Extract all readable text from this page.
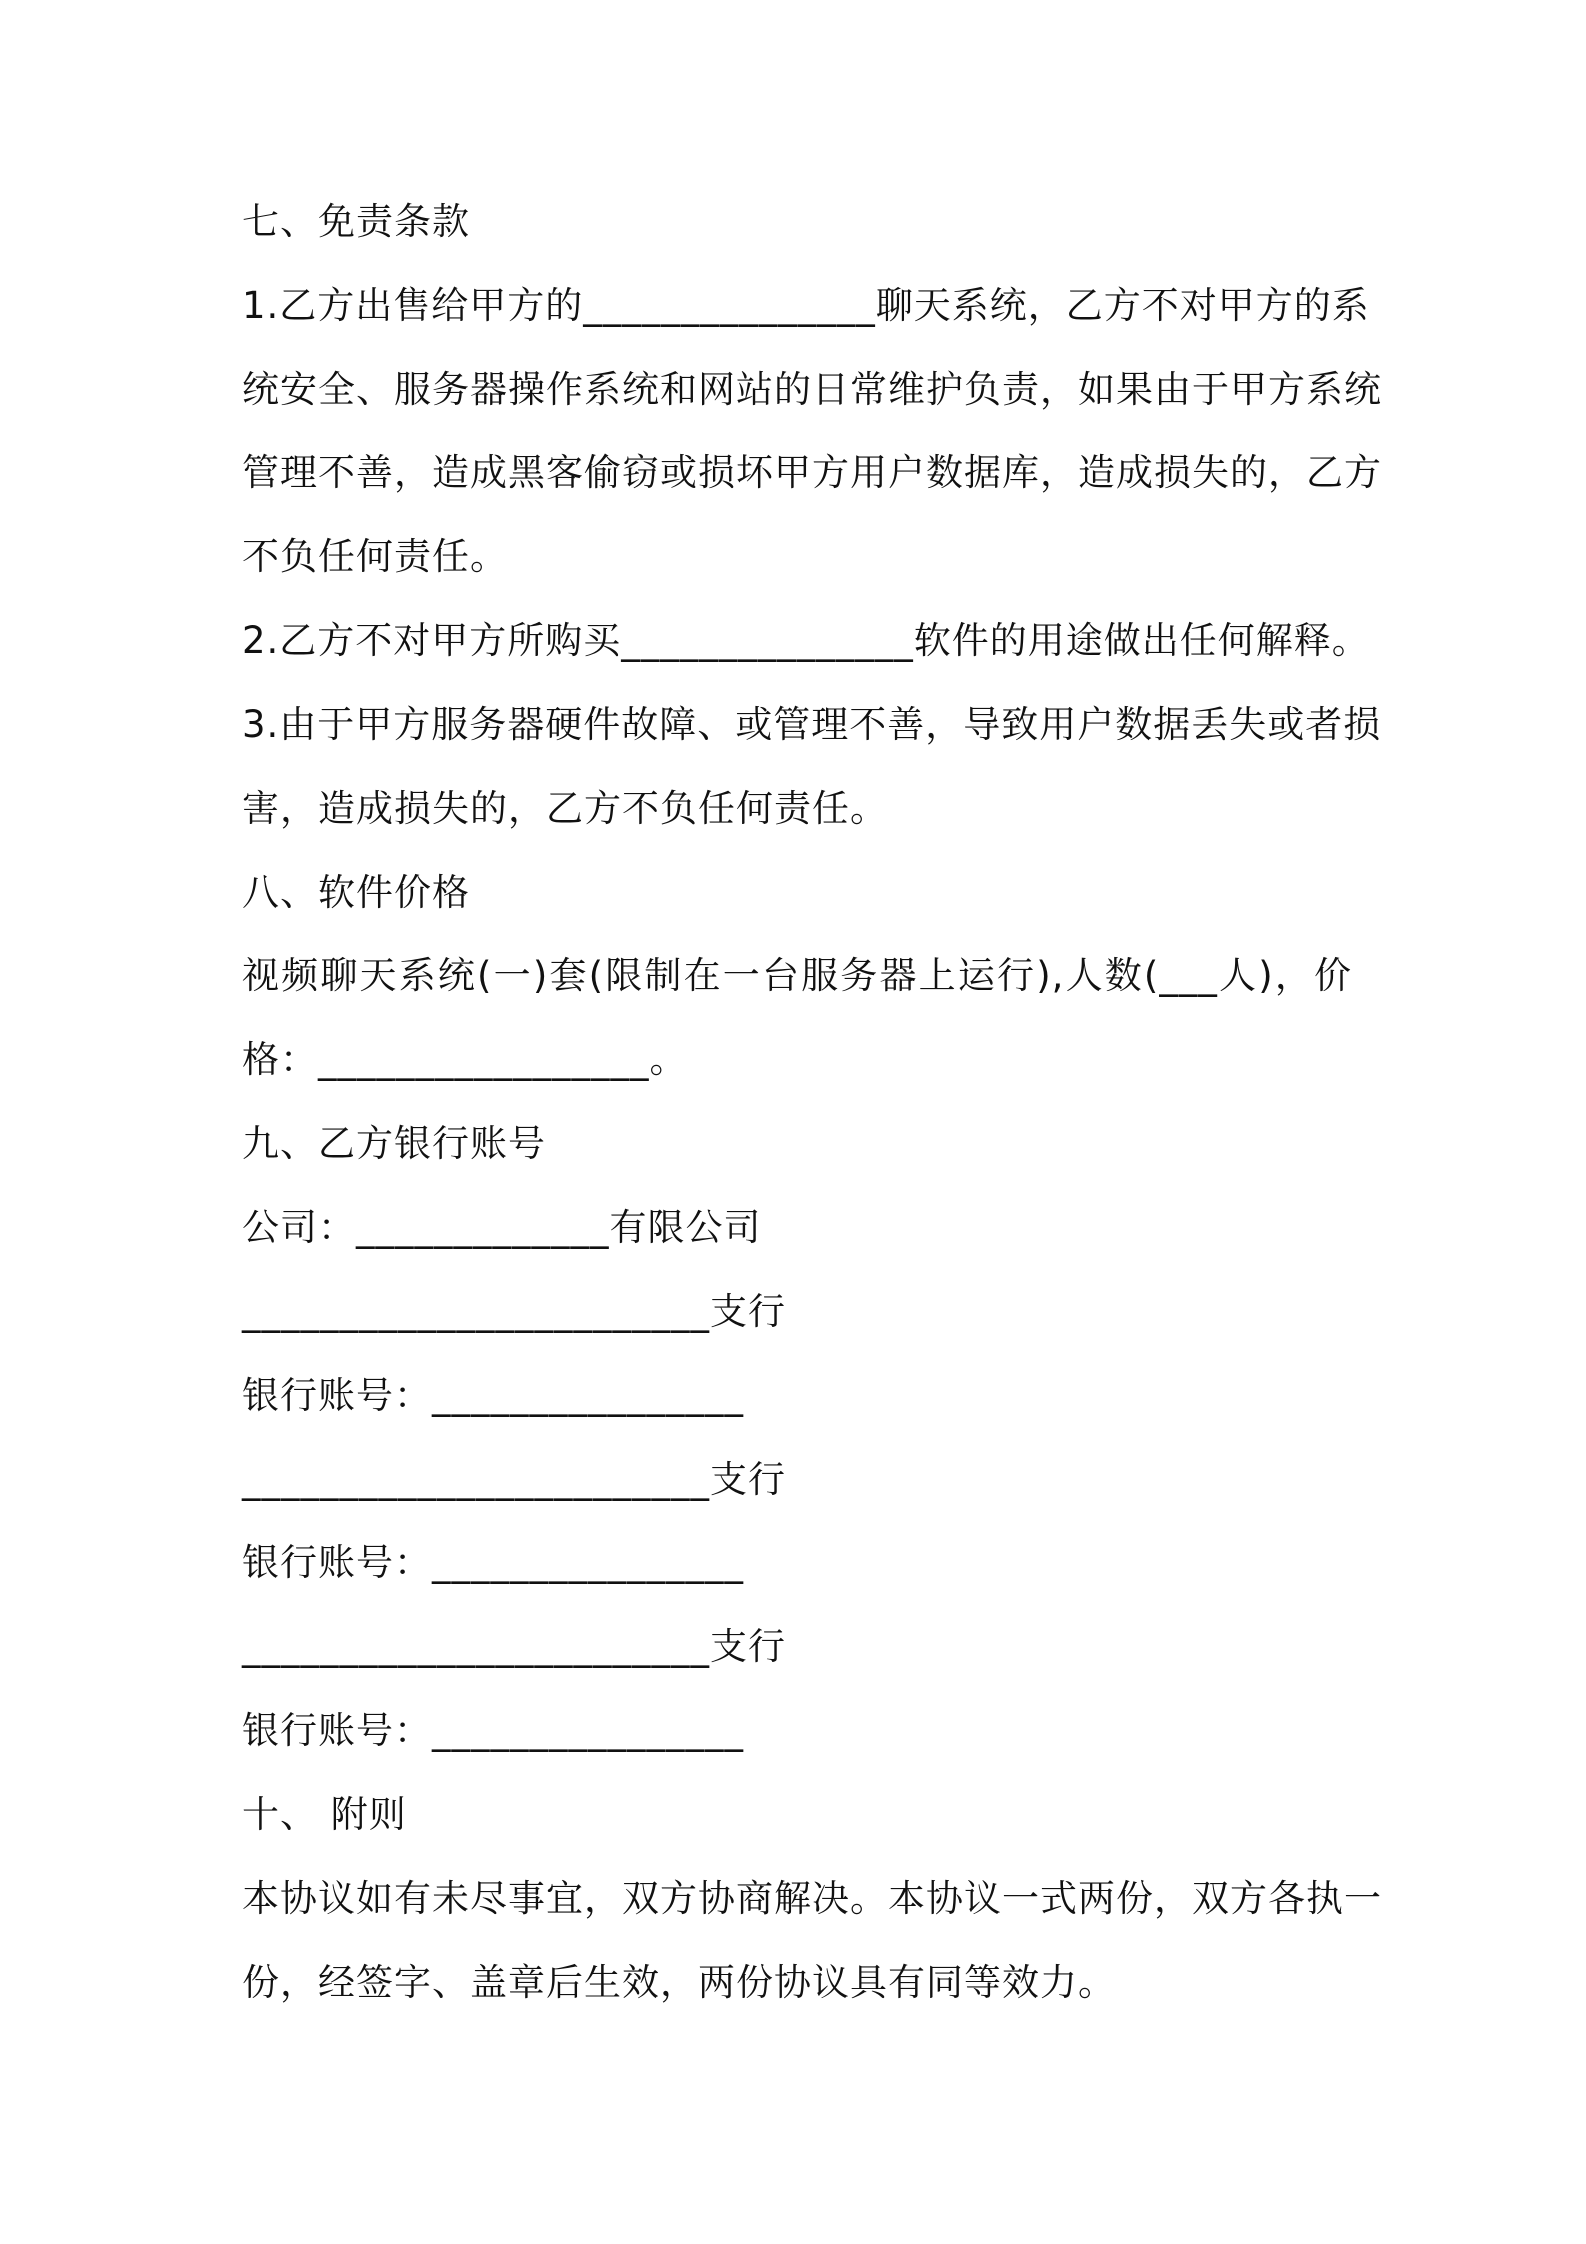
七、免责条款
1.乙方出售给甲方的_______________聊天系统，乙方不对甲方的系
统安全、服务器操作系统和网站的日常维护负责，如果由于甲方系统
管理不善，造成黑客偷窃或损坏甲方用户数据库，造成损失的，乙方
不负任何责任。
2.乙方不对甲方所购买_______________软件的用途做出任何解释。
3.由于甲方服务器硬件故障、或管理不善，导致用户数据丢失或者损
害，造成损失的，乙方不负任何责任。
八、软件价格
视频聊天系统(一)套(限制在一台服务器上运行),人数(___人)，价
格：_________________。
九、乙方银行账号
公司：_____________有限公司
________________________支行
银行账号：________________
________________________支行
银行账号：________________
________________________支行
银行账号：________________
十、 附则
本协议如有未尽事宜，双方协商解决。本协议一式两份，双方各执一
份，经签字、盖章后生效，两份协议具有同等效力。
